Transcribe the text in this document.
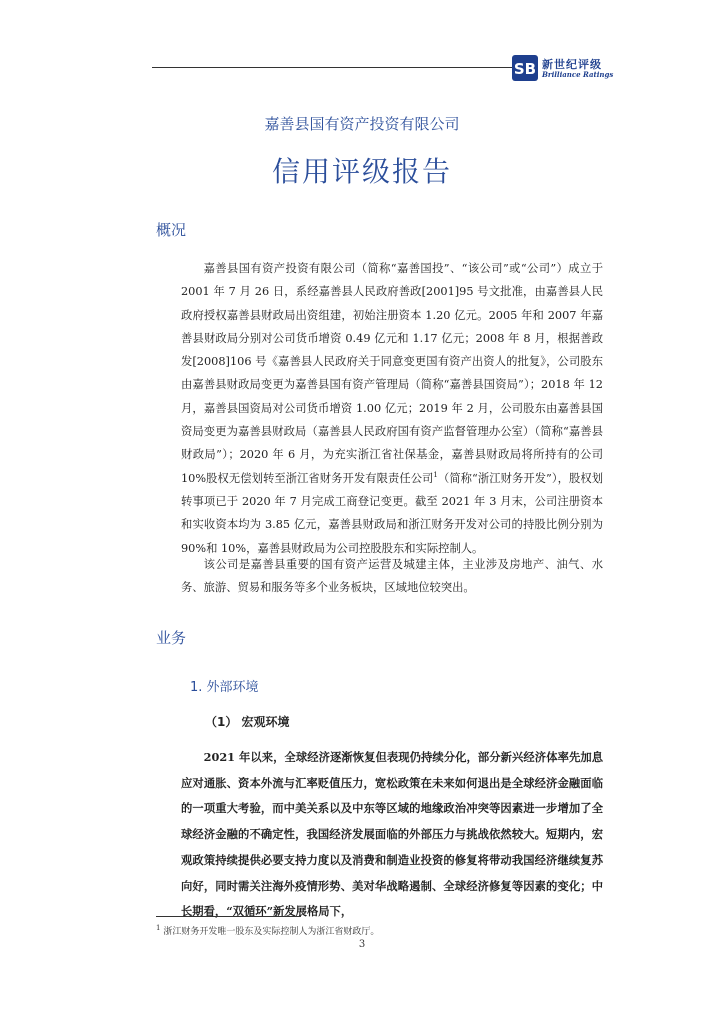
SB 新世纪评级
Brilliance Ratings
嘉善县国有资产投资有限公司
信用评级报告
概况

嘉善县国有资产投资有限公司（简称“嘉善国投”、“该公司”或“公司”）成立于 2001 年 7 月 26 日，系经嘉善县人民政府善政[2001]95 号文批准，由嘉善县人民政府授权嘉善县财政局出资组建，初始注册资本 1.20 亿元。2005 年和 2007 年嘉善县财政局分别对公司货币增资 0.49 亿元和 1.17 亿元；2008 年 8 月，根据善政发[2008]106 号《嘉善县人民政府关于同意变更国有资产出资人的批复》，公司股东由嘉善县财政局变更为嘉善县国有资产管理局（简称“嘉善县国资局”）；2018 年 12 月，嘉善县国资局对公司货币增资 1.00 亿元；2019 年 2 月，公司股东由嘉善县国资局变更为嘉善县财政局（嘉善县人民政府国有资产监督管理办公室）（简称“嘉善县财政局”）；2020 年 6 月，为充实浙江省社保基金，嘉善县财政局将所持有的公司 10%股权无偿划转至浙江省财务开发有限责任公司$^1$（简称“浙江财务开发”），股权划转事项已于 2020 年 7 月完成工商登记变更。截至 2021 年 3 月末，公司注册资本和实收资本均为 3.85 亿元，嘉善县财政局和浙江财务开发对公司的持股比例分别为 90%和 10%，嘉善县财政局为公司控股股东和实际控制人。

该公司是嘉善县重要的国有资产运营及城建主体，主业涉及房地产、油气、水务、旅游、贸易和服务等多个业务板块，区域地位较突出。

业务
1. 外部环境
（1） 宏观环境

2021 年以来，全球经济逐渐恢复但表现仍持续分化，部分新兴经济体率先加息应对通胀、资本外流与汇率贬值压力，宽松政策在未来如何退出是全球经济金融面临的一项重大考验，而中美关系以及中东等区域的地缘政治冲突等因素进一步增加了全球经济金融的不确定性，我国经济发展面临的外部压力与挑战依然较大。短期内，宏观政策持续提供必要支持力度以及消费和制造业投资的修复将带动我国经济继续复苏向好，同时需关注海外疫情形势、美对华战略遏制、全球经济修复等因素的变化；中长期看，“双循环”新发展格局下，

$^1$ 浙江财务开发唯一股东及实际控制人为浙江省财政厅。
3
